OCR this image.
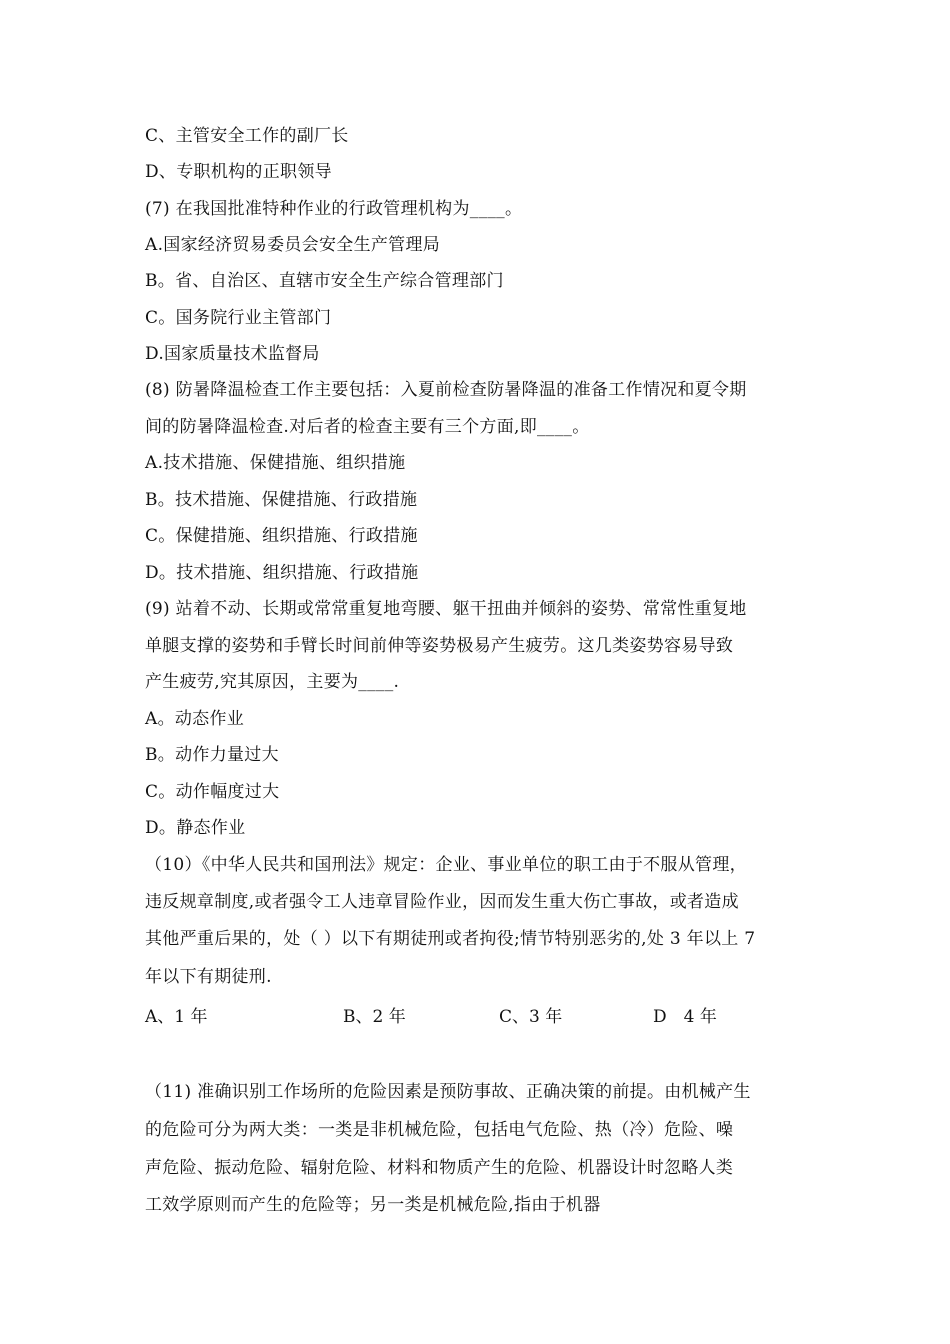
C、主管安全工作的副厂长
D、专职机构的正职领导
(7) 在我国批准特种作业的行政管理机构为____。
A.国家经济贸易委员会安全生产管理局
B。省、自治区、直辖市安全生产综合管理部门
C。国务院行业主管部门
D.国家质量技术监督局
(8) 防暑降温检查工作主要包括：入夏前检查防暑降温的准备工作情况和夏令期
间的防暑降温检查.对后者的检查主要有三个方面,即____。
A.技术措施、保健措施、组织措施
B。技术措施、保健措施、行政措施
C。保健措施、组织措施、行政措施
D。技术措施、组织措施、行政措施
(9) 站着不动、长期或常常重复地弯腰、躯干扭曲并倾斜的姿势、常常性重复地
单腿支撑的姿势和手臂长时间前伸等姿势极易产生疲劳。这几类姿势容易导致
产生疲劳,究其原因，主要为____.
A。动态作业
B。动作力量过大
C。动作幅度过大
D。静态作业
（10）《中华人民共和国刑法》规定：企业、事业单位的职工由于不服从管理，
违反规章制度,或者强令工人违章冒险作业，因而发生重大伤亡事故，或者造成
其他严重后果的，处（ ）以下有期徒刑或者拘役;情节特别恶劣的,处 3 年以上 7
年以下有期徒刑.
A、1 年	B、2 年	C、3 年	D　4 年
（11) 准确识别工作场所的危险因素是预防事故、正确决策的前提。由机械产生
的危险可分为两大类：一类是非机械危险，包括电气危险、热（冷）危险、噪
声危险、振动危险、辐射危险、材料和物质产生的危险、机器设计时忽略人类
工效学原则而产生的危险等；另一类是机械危险,指由于机器
